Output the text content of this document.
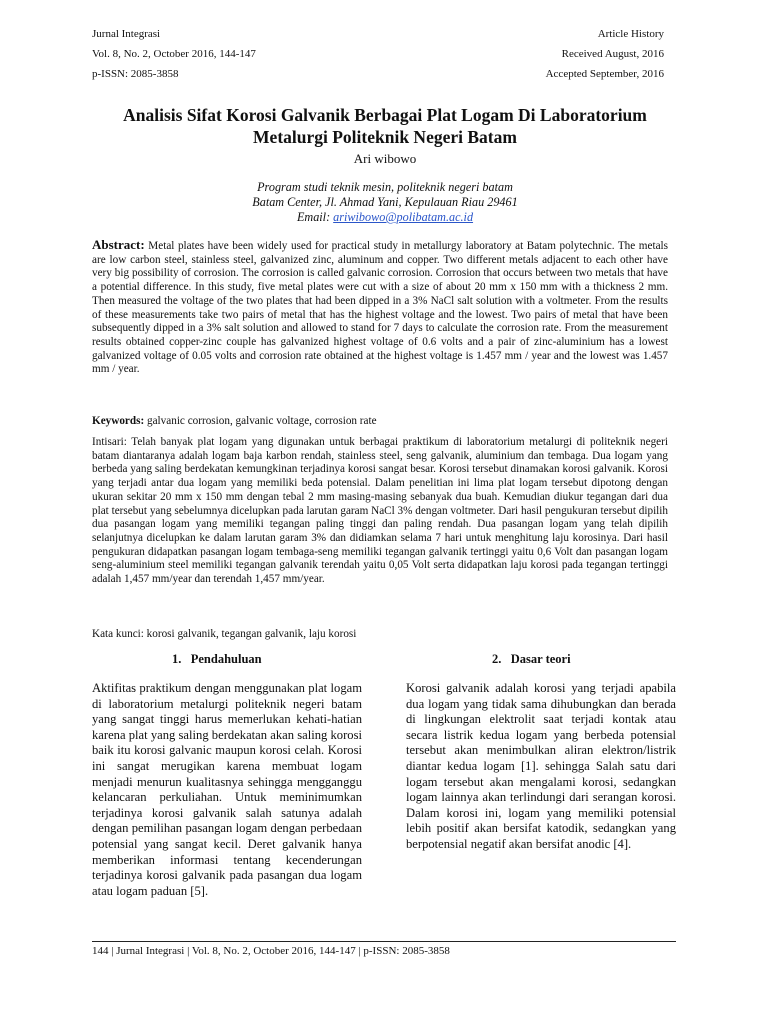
Jurnal Integrasi
Vol. 8, No. 2, October 2016, 144-147
p-ISSN: 2085-3858
Article History
Received August, 2016
Accepted September, 2016
Analisis Sifat Korosi Galvanik Berbagai Plat Logam Di Laboratorium
Metalurgi Politeknik Negeri Batam
Ari wibowo
Program studi teknik mesin, politeknik negeri batam
Batam Center, Jl. Ahmad Yani, Kepulauan Riau 29461
Email: ariwibowo@polibatam.ac.id
Abstract: Metal plates have been widely used for practical study in metallurgy laboratory at Batam polytechnic. The metals are low carbon steel, stainless steel, galvanized zinc, aluminum and copper. Two different metals adjacent to each other have very big possibility of corrosion. The corrosion is called galvanic corrosion. Corrosion that occurs between two metals that have a potential difference. In this study, five metal plates were cut with a size of about 20 mm x 150 mm with a thickness 2 mm. Then measured the voltage of the two plates that had been dipped in a 3% NaCl salt solution with a voltmeter. From the results of these measurements take two pairs of metal that has the highest voltage and the lowest. Two pairs of metal that have been subsequently dipped in a 3% salt solution and allowed to stand for 7 days to calculate the corrosion rate. From the measurement results obtained copper-zinc couple has galvanized highest voltage of 0.6 volts and a pair of zinc-aluminium has a lowest galvanized voltage of 0.05 volts and corrosion rate obtained at the highest voltage is 1.457 mm / year and the lowest was 1.457 mm / year.
Keywords: galvanic corrosion, galvanic voltage, corrosion rate
Intisari: Telah banyak plat logam yang digunakan untuk berbagai praktikum di laboratorium metalurgi di politeknik negeri batam diantaranya adalah logam baja karbon rendah, stainless steel, seng galvanik, aluminium dan tembaga. Dua logam yang berbeda yang saling berdekatan kemungkinan terjadinya korosi sangat besar. Korosi tersebut dinamakan korosi galvanik. Korosi yang terjadi antar dua logam yang memiliki beda potensial. Dalam penelitian ini lima plat logam tersebut dipotong dengan ukuran sekitar 20 mm x 150 mm dengan tebal 2 mm masing-masing sebanyak dua buah. Kemudian diukur tegangan dari dua plat tersebut yang sebelumnya dicelupkan pada larutan garam NaCl 3% dengan voltmeter. Dari hasil pengukuran tersebut dipilih dua pasangan logam yang memiliki tegangan paling tinggi dan paling rendah. Dua pasangan logam yang telah dipilih selanjutnya dicelupkan ke dalam larutan garam 3% dan didiamkan selama 7 hari untuk menghitung laju korosinya. Dari hasil pengukuran didapatkan pasangan logam tembaga-seng memiliki tegangan galvanik tertinggi yaitu 0,6 Volt dan pasangan logam seng-aluminium steel memiliki tegangan galvanik terendah yaitu 0,05 Volt serta didapatkan laju korosi pada tegangan tertinggi adalah 1,457 mm/year dan terendah 1,457 mm/year.
Kata kunci: korosi galvanik, tegangan galvanik, laju korosi
1.   Pendahuluan	2.   Dasar teori
Aktifitas praktikum dengan menggunakan plat logam di laboratorium metalurgi politeknik negeri batam yang sangat tinggi harus memerlukan kehati-hatian karena plat yang saling berdekatan akan saling korosi baik itu korosi galvanic maupun korosi celah. Korosi ini sangat merugikan karena membuat logam menjadi menurun kualitasnya sehingga mengganggu kelancaran perkuliahan. Untuk meminimumkan terjadinya korosi galvanik salah satunya adalah dengan pemilihan pasangan logam dengan perbedaan potensial yang sangat kecil. Deret galvanik hanya memberikan informasi tentang kecenderungan terjadinya korosi galvanik pada pasangan dua logam atau logam paduan [5].
Korosi galvanik adalah korosi yang terjadi apabila dua logam yang tidak sama dihubungkan dan berada di lingkungan elektrolit saat terjadi kontak atau secara listrik kedua logam yang berbeda potensial tersebut akan menimbulkan aliran elektron/listrik diantar kedua logam [1]. sehingga Salah satu dari logam tersebut akan mengalami korosi, sedangkan logam lainnya akan terlindungi dari serangan korosi. Dalam korosi ini, logam yang memiliki potensial lebih positif akan bersifat katodik, sedangkan yang berpotensial negatif akan bersifat anodic [4].
144 | Jurnal Integrasi | Vol. 8, No. 2, October 2016, 144-147 | p-ISSN: 2085-3858
